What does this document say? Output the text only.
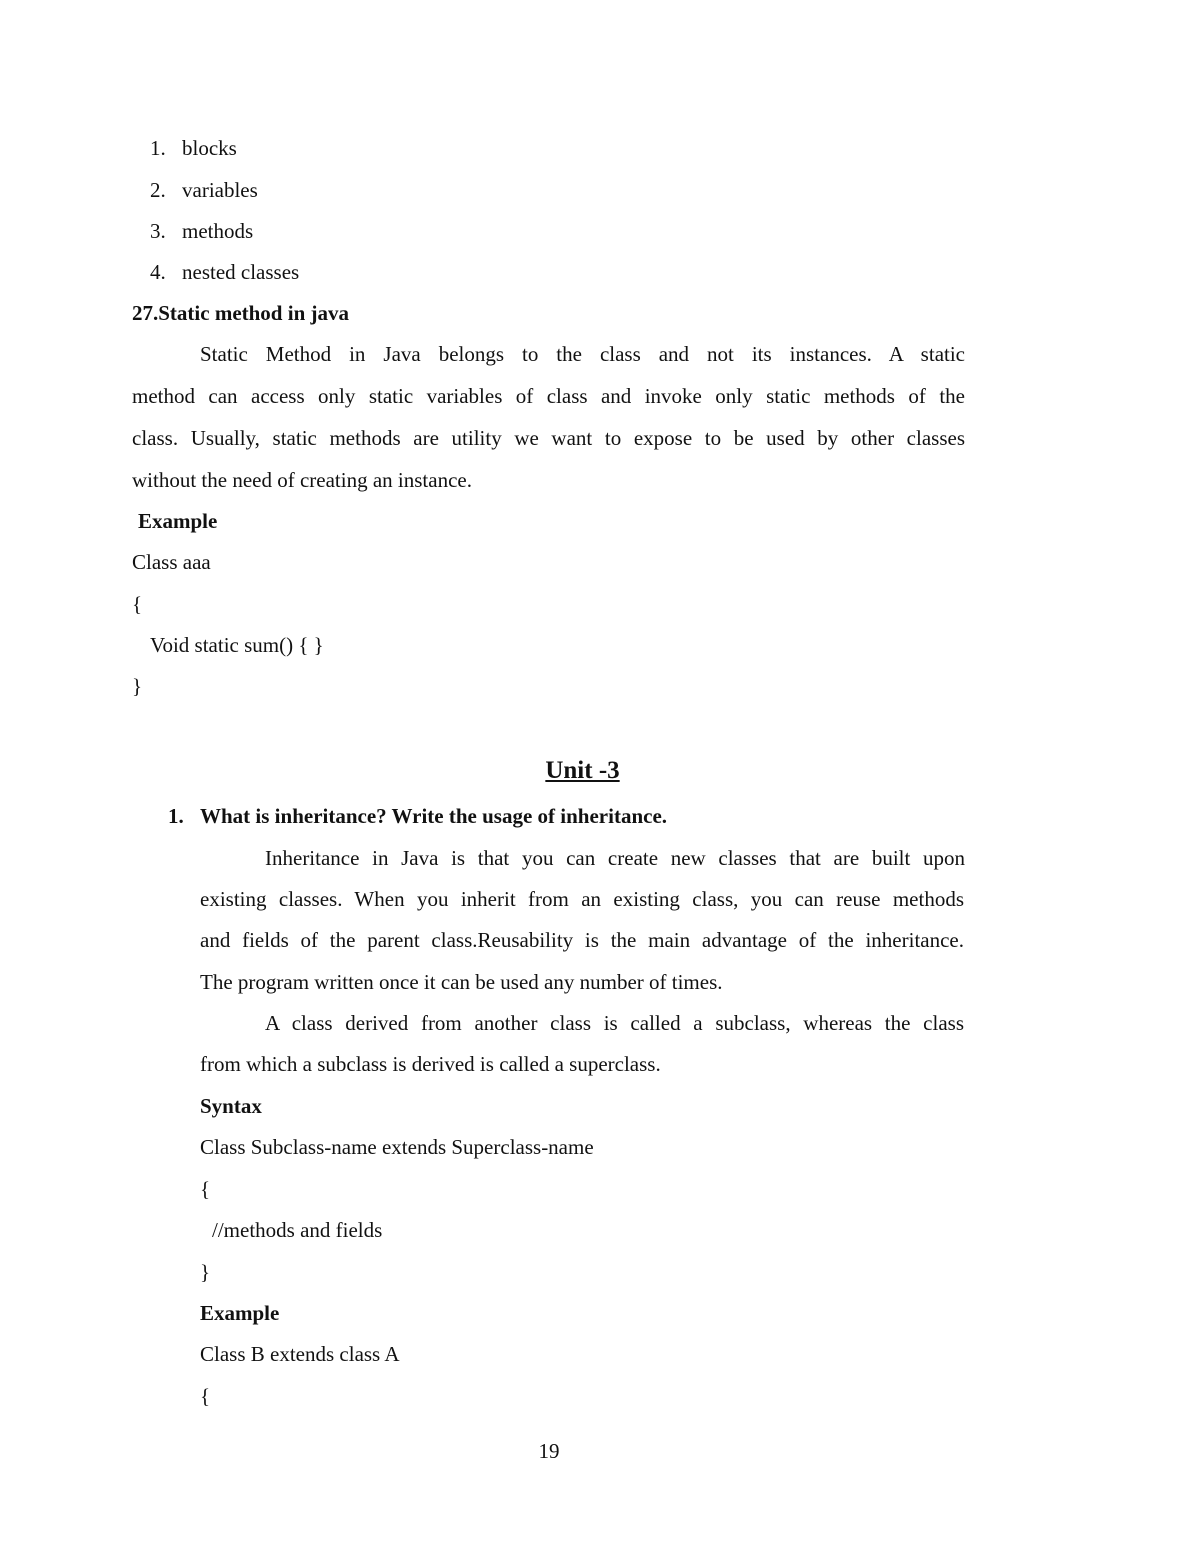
1. blocks
2. variables
3. methods
4. nested classes
27.Static method in java
Static Method in Java belongs to the class and not its instances. A static
method can access only static variables of class and invoke only static methods of the
class. Usually, static methods are utility we want to expose to be used by other classes
without the need of creating an instance.
Example
Class aaa
{
Void static sum() { }
}
Unit -3
1. What is inheritance? Write the usage of inheritance.
Inheritance in Java is that you can create new classes that are built upon
existing classes. When you inherit from an existing class, you can reuse methods
and fields of the parent class.Reusability is the main advantage of the inheritance.
The program written once it can be used any number of times.
A class derived from another class is called a subclass, whereas the class
from which a subclass is derived is called a superclass.
Syntax
Class Subclass-name extends Superclass-name
{
//methods and fields
}
Example
Class B extends class A
{
19
